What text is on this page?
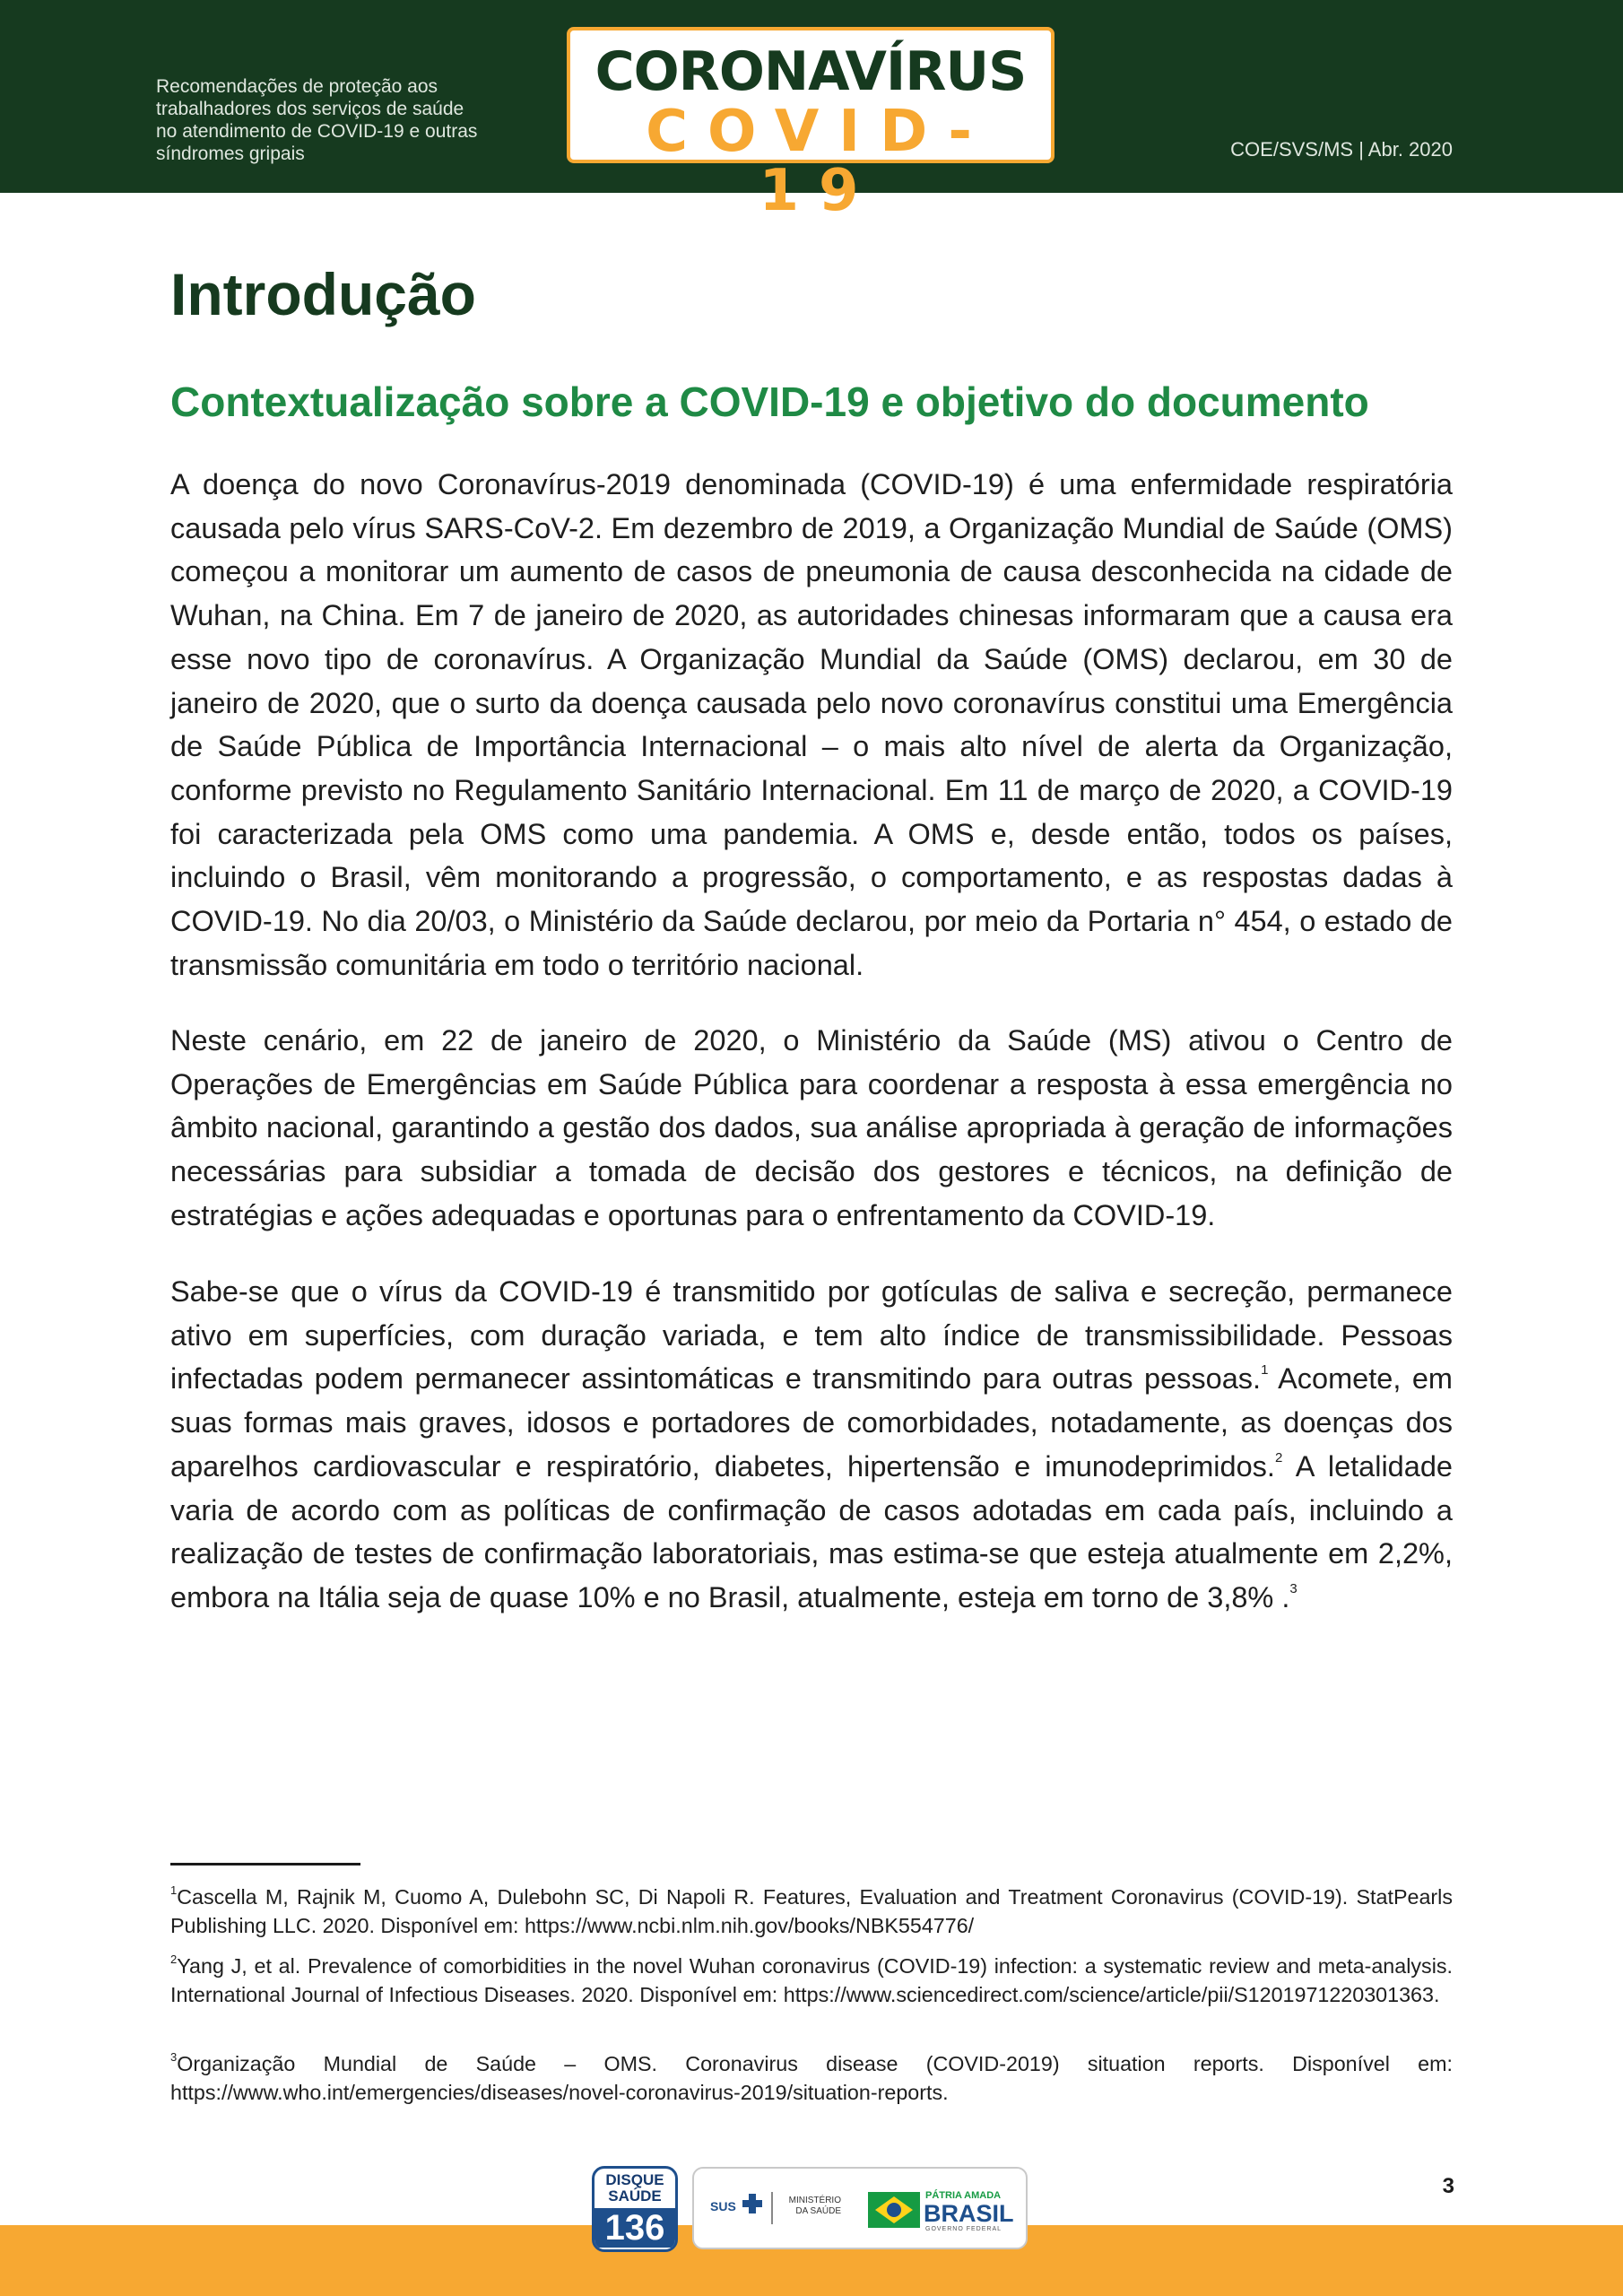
Recomendações de proteção aos
trabalhadores dos serviços de saúde
no atendimento de COVID-19 e outras
síndromes gripais
CORONAVÍRUS
COVID-19
COE/SVS/MS | Abr. 2020
Introdução
Contextualização sobre a COVID-19 e objetivo do documento

A doença do novo Coronavírus-2019 denominada (COVID-19) é uma enfermidade respiratória causada pelo vírus SARS-CoV-2. Em dezembro de 2019, a Organização Mundial de Saúde (OMS) começou a monitorar um aumento de casos de pneumonia de causa desconhecida na cidade de Wuhan, na China. Em 7 de janeiro de 2020, as autoridades chinesas informaram que a causa era esse novo tipo de coronavírus. A Organização Mundial da Saúde (OMS) declarou, em 30 de janeiro de 2020, que o surto da doença causada pelo novo coronavírus constitui uma Emergência de Saúde Pública de Importância Internacional – o mais alto nível de alerta da Organização, conforme previsto no Regulamento Sanitário Internacional. Em 11 de março de 2020, a COVID-19 foi caracterizada pela OMS como uma pandemia. A OMS e, desde então, todos os países, incluindo o Brasil, vêm monitorando a progressão, o comportamento, e as respostas dadas à COVID-19. No dia 20/03, o Ministério da Saúde declarou, por meio da Portaria n° 454, o estado de transmissão comunitária em todo o território nacional.

Neste cenário, em 22 de janeiro de 2020, o Ministério da Saúde (MS) ativou o Centro de Operações de Emergências em Saúde Pública para coordenar a resposta à essa emergência no âmbito nacional, garantindo a gestão dos dados, sua análise apropriada à geração de informações necessárias para subsidiar a tomada de decisão dos gestores e técnicos, na definição de estratégias e ações adequadas e oportunas para o enfrentamento da COVID-19.

Sabe-se que o vírus da COVID-19 é transmitido por gotículas de saliva e secreção, permanece ativo em superfícies, com duração variada, e tem alto índice de transmissibilidade. Pessoas infectadas podem permanecer assintomáticas e transmitindo para outras pessoas.$^1$ Acomete, em suas formas mais graves, idosos e portadores de comorbidades, notadamente, as doenças dos aparelhos cardiovascular e respiratório, diabetes, hipertensão e imunodeprimidos.$^2$ A letalidade varia de acordo com as políticas de confirmação de casos adotadas em cada país, incluindo a realização de testes de confirmação laboratoriais, mas estima-se que esteja atualmente em 2,2%, embora na Itália seja de quase 10% e no Brasil, atualmente, esteja em torno de 3,8% .$^3$

$^1$Cascella M, Rajnik M, Cuomo A, Dulebohn SC, Di Napoli R. Features, Evaluation and Treatment Coronavirus (COVID-19). StatPearls Publishing LLC. 2020. Disponível em: https://www.ncbi.nlm.nih.gov/books/NBK554776/

$^2$Yang J, et al. Prevalence of comorbidities in the novel Wuhan coronavirus (COVID-19) infection: a systematic review and meta-analysis. International Journal of Infectious Diseases. 2020. Disponível em: https://www.sciencedirect.com/science/article/pii/S1201971220301363.

$^3$Organização Mundial de Saúde – OMS. Coronavirus disease (COVID-2019) situation reports. Disponível em: https://www.who.int/emergencies/diseases/novel-coronavirus-2019/situation-reports.

DISQUE SAÚDE
136
SUS	MINISTÉRIO DA SAÚDE
PÁTRIA AMADA
BRASIL
GOVERNO FEDERAL
3
